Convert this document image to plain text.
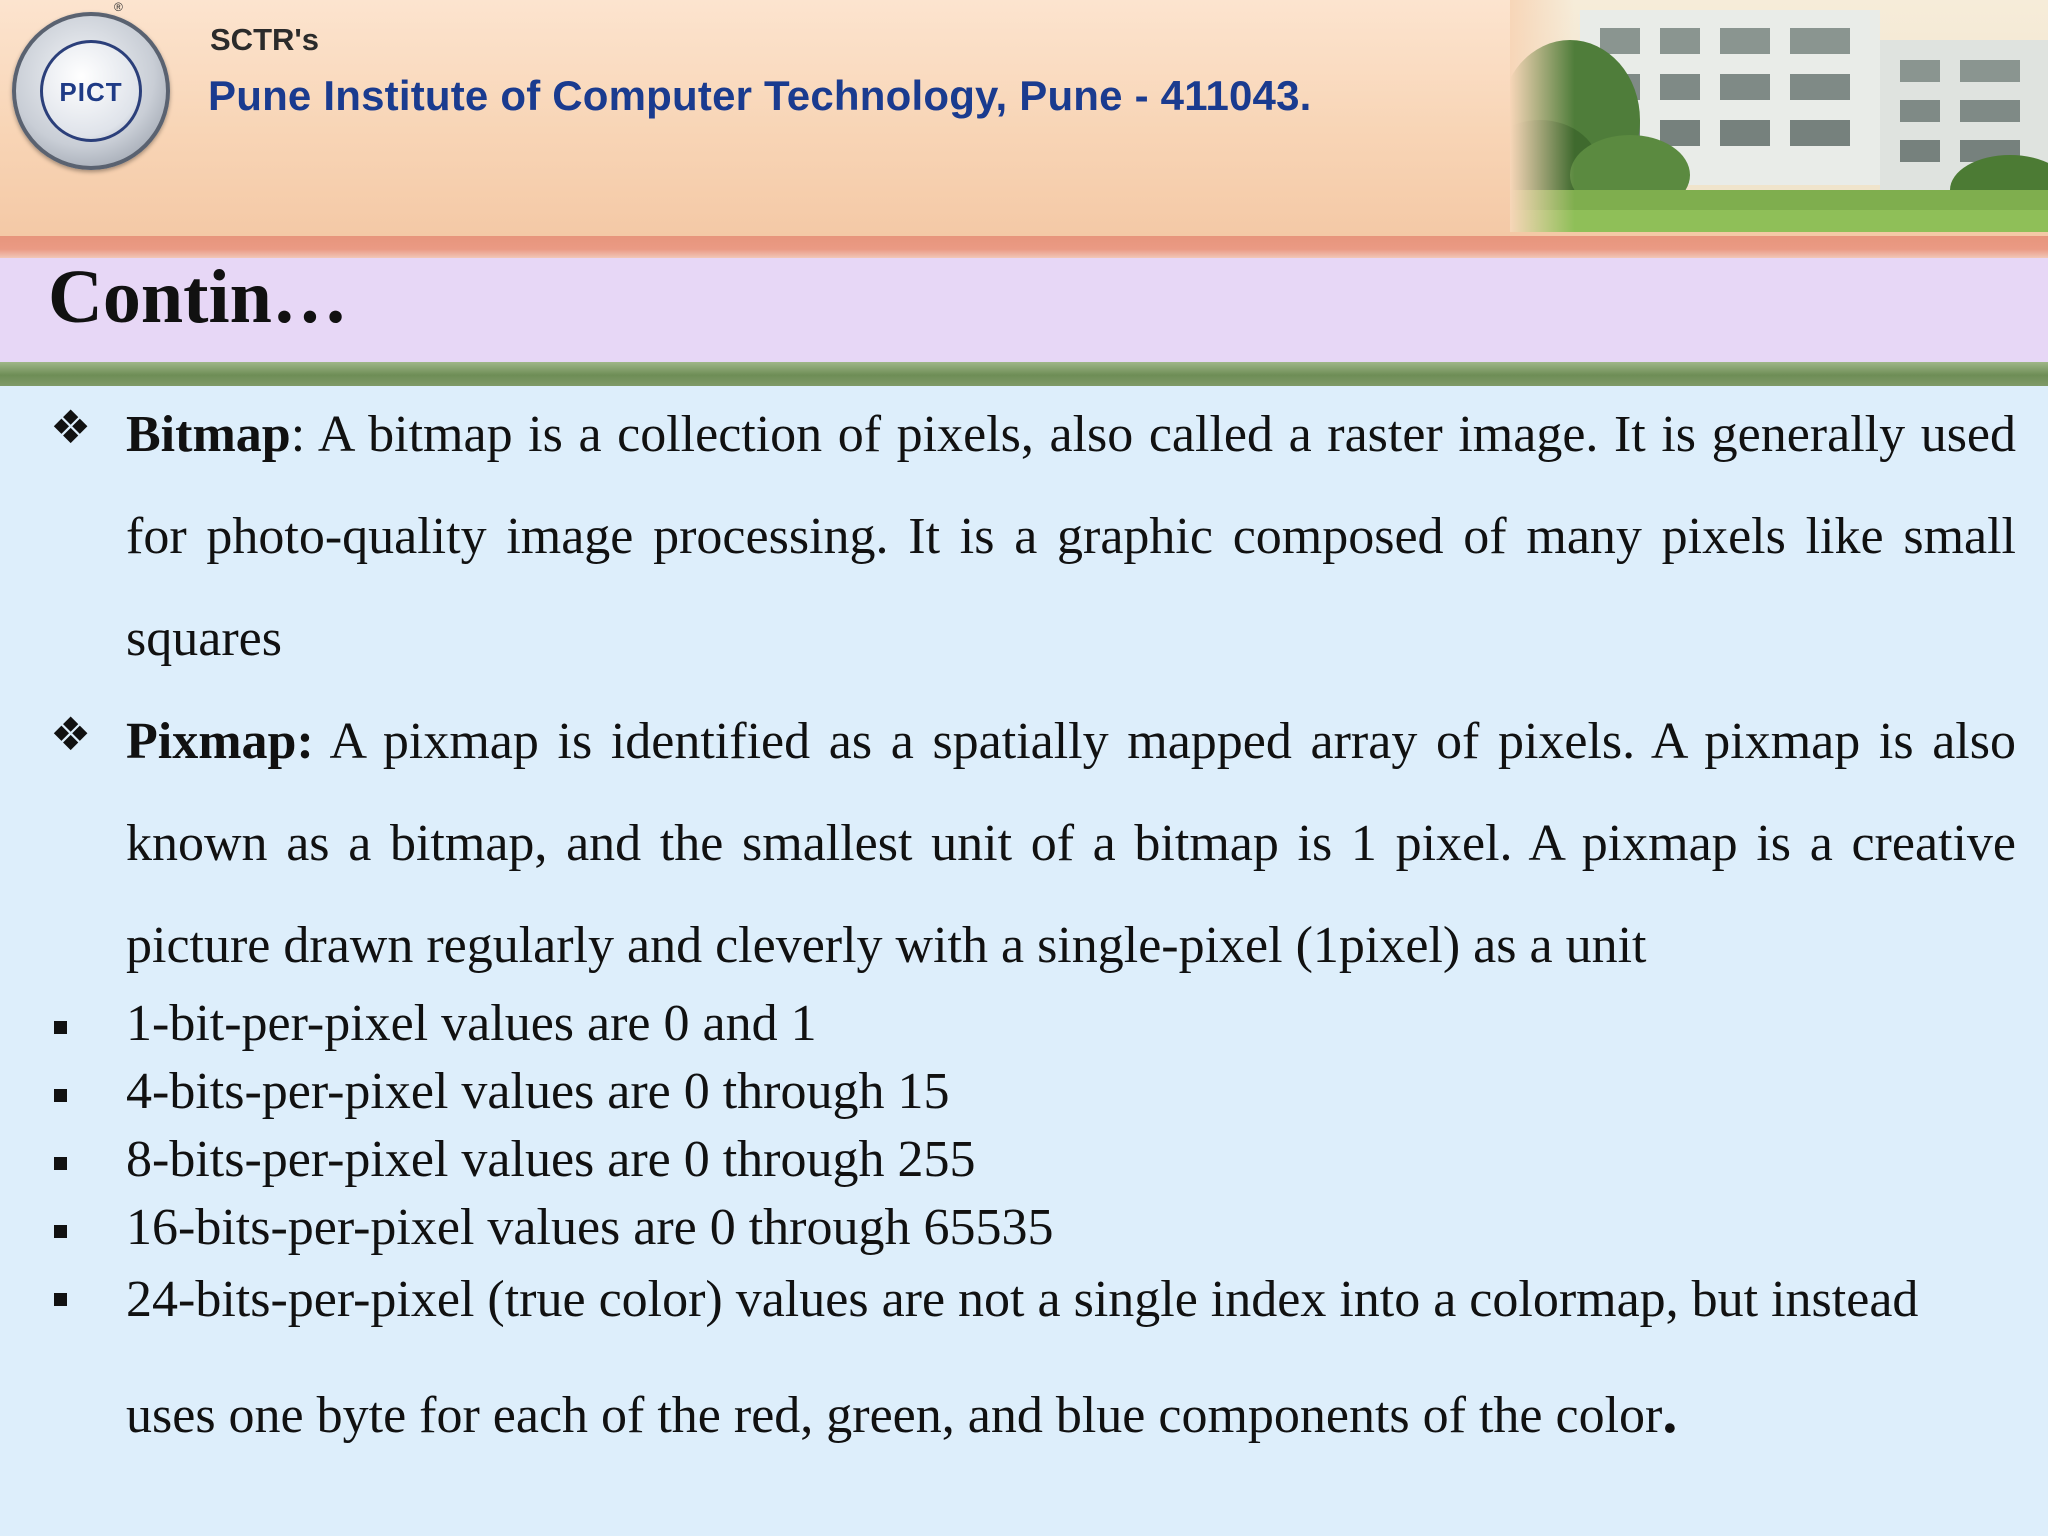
PICT
®
SCTR's
Pune Institute of Computer Technology, Pune - 411043.
Contin…
❖ Bitmap: A bitmap is a collection of pixels, also called a raster image. It is generally used for photo-quality image processing. It is a graphic composed of many pixels like small squares
❖ Pixmap: A pixmap is identified as a spatially mapped array of pixels. A pixmap is also known as a bitmap, and the smallest unit of a bitmap is 1 pixel. A pixmap is a creative picture drawn regularly and cleverly with a single-pixel (1pixel) as a unit
1-bit-per-pixel values are 0 and 1
4-bits-per-pixel values are 0 through 15
8-bits-per-pixel values are 0 through 255
16-bits-per-pixel values are 0 through 65535
24-bits-per-pixel (true color) values are not a single index into a colormap, but instead uses one byte for each of the red, green, and blue components of the color.
